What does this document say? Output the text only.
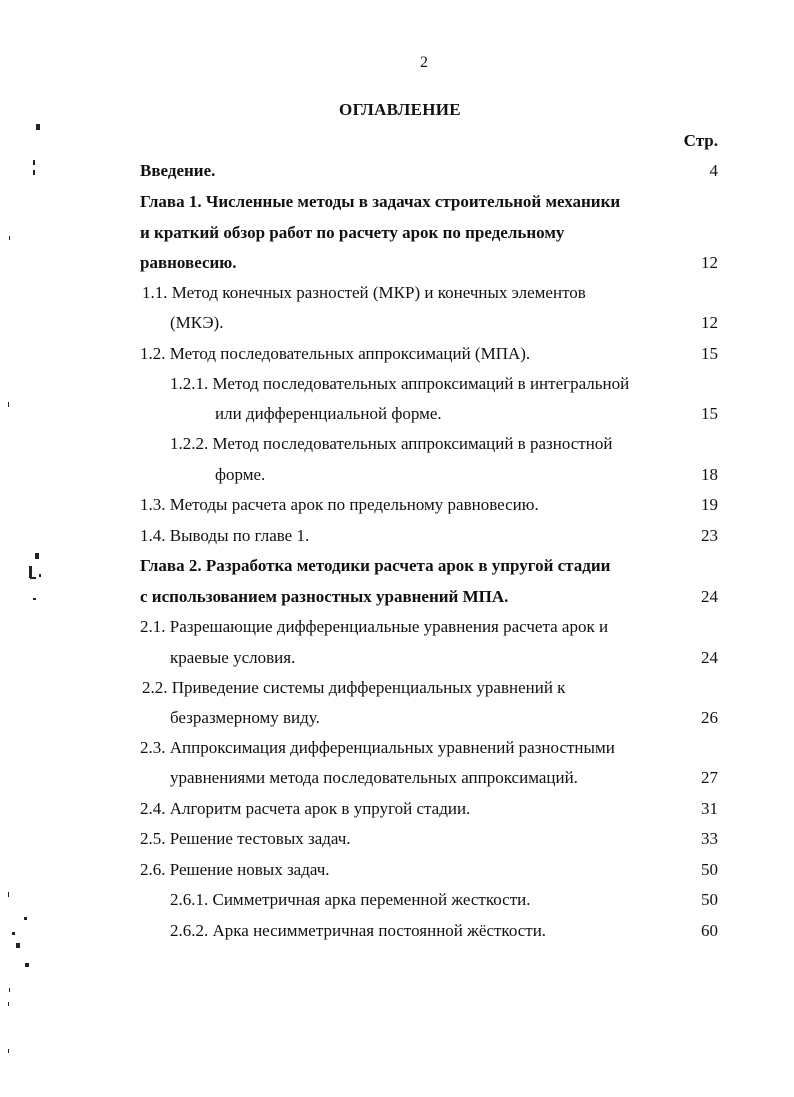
2
ОГЛАВЛЕНИЕ
Стр.
Введение.	4
Глава 1. Численные методы в задачах строительной механики
и краткий обзор работ по расчету арок по предельному
равновесию.	12
1.1. Метод конечных разностей (МКР) и конечных элементов
(МКЭ).	12
1.2. Метод последовательных аппроксимаций (МПА).	15
1.2.1. Метод последовательных аппроксимаций в интегральной
или дифференциальной форме.	15
1.2.2. Метод последовательных аппроксимаций в разностной
форме.	18
1.3. Методы расчета арок по предельному равновесию.	19
1.4. Выводы по главе 1.	23
Глава 2. Разработка методики расчета арок в упругой стадии
с использованием разностных уравнений МПА.	24
2.1. Разрешающие дифференциальные уравнения расчета арок и
краевые условия.	24
2.2. Приведение системы дифференциальных уравнений к
безразмерному виду.	26
2.3. Аппроксимация дифференциальных уравнений разностными
уравнениями метода последовательных аппроксимаций.	27
2.4. Алгоритм расчета арок в упругой стадии.	31
2.5. Решение тестовых задач.	33
2.6. Решение новых задач.	50
2.6.1. Симметричная арка переменной жесткости.	50
2.6.2. Арка несимметричная постоянной жёсткости.	60
